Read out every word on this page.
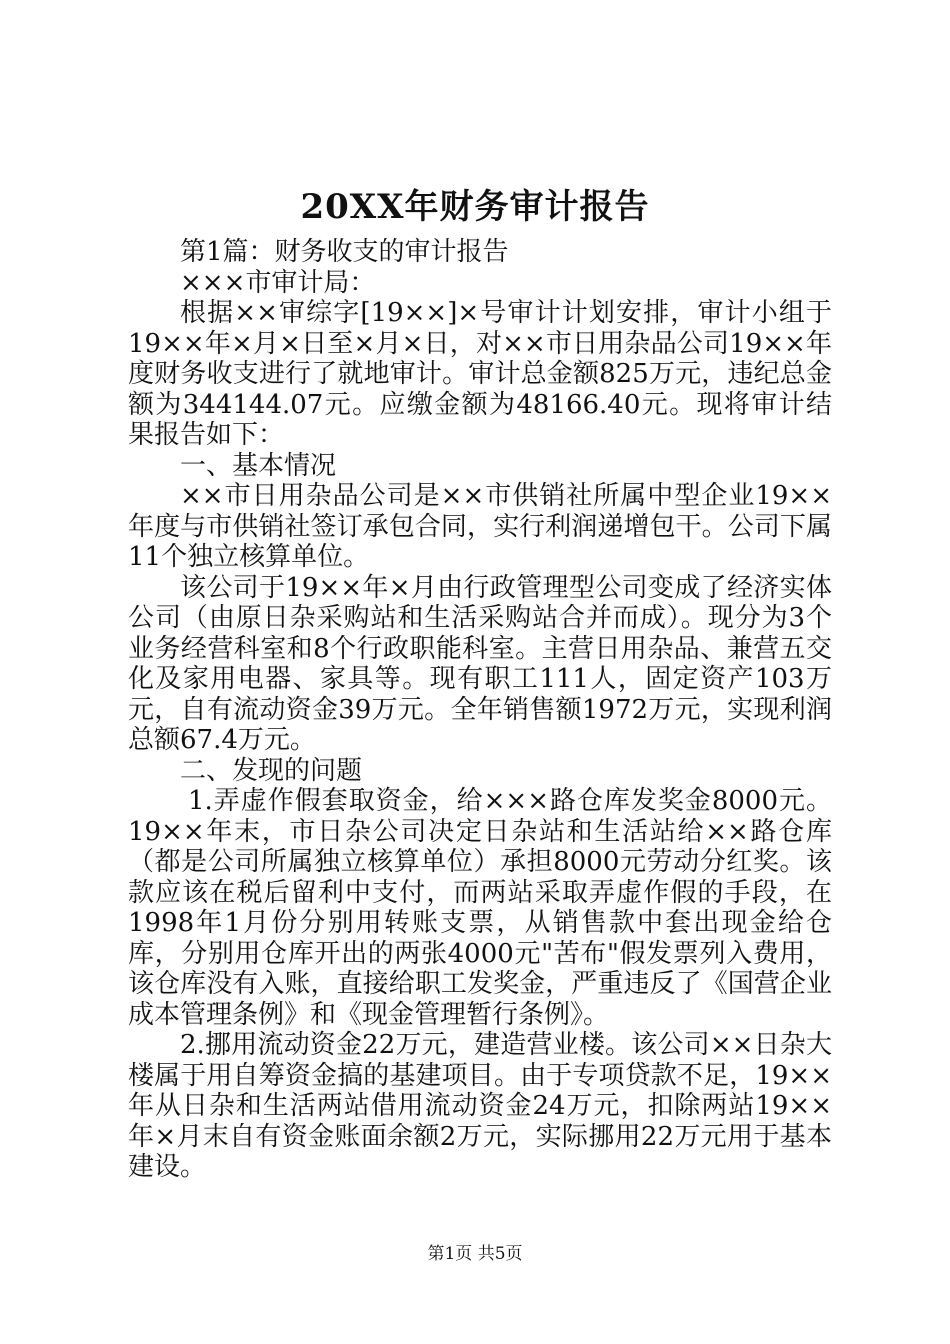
20XX年财务审计报告

第1篇：财务收支的审计报告

×××市审计局：

根据××审综字[19××]×号审计计划安排，审计小组于19××年×月×日至×月×日，对××市日用杂品公司19××年度财务收支进行了就地审计。审计总金额825万元，违纪总金额为344144.07元。应缴金额为48166.40元。现将审计结果报告如下：

一、基本情况

××市日用杂品公司是××市供销社所属中型企业19××年度与市供销社签订承包合同，实行利润递增包干。公司下属11个独立核算单位。

该公司于19××年×月由行政管理型公司变成了经济实体公司（由原日杂采购站和生活采购站合并而成）。现分为3个业务经营科室和8个行政职能科室。主营日用杂品、兼营五交化及家用电器、家具等。现有职工111人，固定资产103万元，自有流动资金39万元。全年销售额1972万元，实现利润总额67.4万元。

二、发现的问题

1.弄虚作假套取资金，给×××路仓库发奖金8000元。19××年末，市日杂公司决定日杂站和生活站给××路仓库（都是公司所属独立核算单位）承担8000元劳动分红奖。该款应该在税后留利中支付，而两站采取弄虚作假的手段，在1998年1月份分别用转账支票，从销售款中套出现金给仓库，分别用仓库开出的两张4000元"苦布"假发票列入费用，该仓库没有入账，直接给职工发奖金，严重违反了《国营企业成本管理条例》和《现金管理暂行条例》。

2.挪用流动资金22万元，建造营业楼。该公司××日杂大楼属于用自筹资金搞的基建项目。由于专项贷款不足，19××年从日杂和生活两站借用流动资金24万元，扣除两站19××年×月末自有资金账面余额2万元，实际挪用22万元用于基本建设。

第1页 共5页
